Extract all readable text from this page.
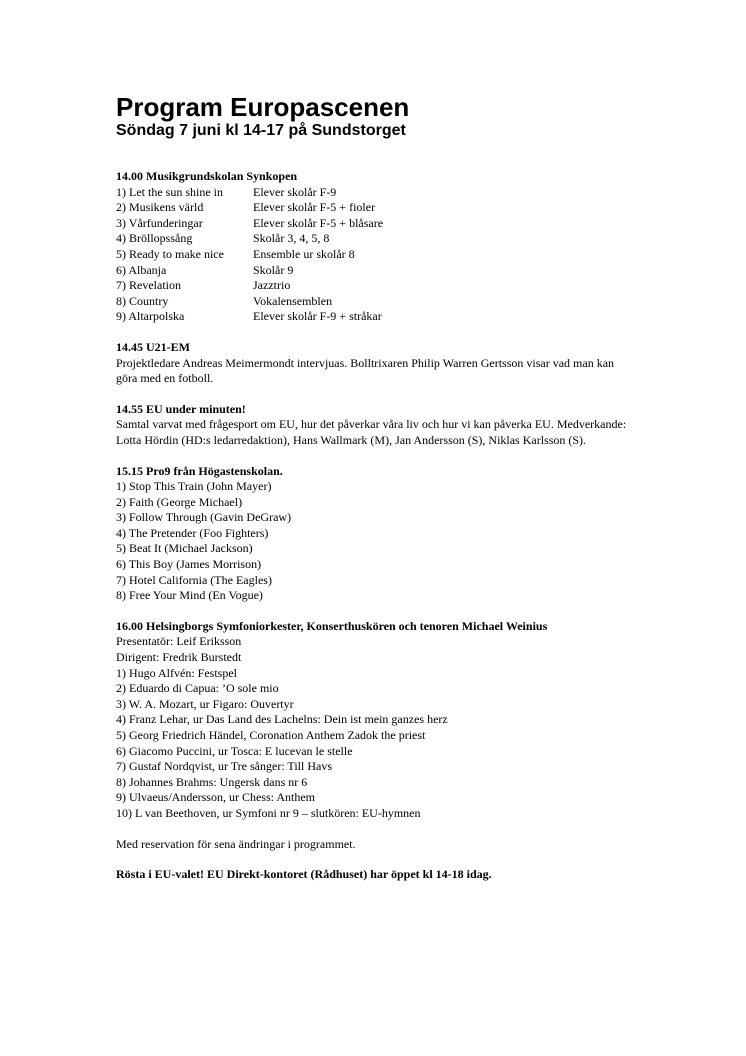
Program Europascenen
Söndag 7 juni kl 14-17 på Sundstorget
14.00 Musikgrundskolan Synkopen
1) Let the sun shine in	Elever skolår F-9
2) Musikens värld	Elever skolår F-5 + fioler
3) Vårfunderingar	Elever skolår F-5 + blåsare
4) Bröllopssång	Skolår 3, 4, 5, 8
5) Ready to make nice	Ensemble ur skolår 8
6) Albanja	Skolår 9
7) Revelation	Jazztrio
8) Country	Vokalensemblen
9) Altarpolska	Elever skolår F-9 + stråkar
14.45 U21-EM
Projektledare Andreas Meimermondt intervjuas. Bolltrixaren Philip Warren Gertsson visar vad man kan göra med en fotboll.
14.55 EU under minuten!
Samtal varvat med frågesport om EU, hur det påverkar våra liv och hur vi kan påverka EU. Medverkande: Lotta Hördin (HD:s ledarredaktion), Hans Wallmark (M), Jan Andersson (S), Niklas Karlsson (S).
15.15 Pro9 från Högastenskolan.
1) Stop This Train (John Mayer)
2) Faith (George Michael)
3) Follow Through (Gavin DeGraw)
4) The Pretender (Foo Fighters)
5) Beat It (Michael Jackson)
6) This Boy (James Morrison)
7) Hotel California (The Eagles)
8) Free Your Mind (En Vogue)
16.00 Helsingborgs Symfoniorkester, Konserthuskören och tenoren Michael Weinius
Presentatör: Leif Eriksson
Dirigent: Fredrik Burstedt
1) Hugo Alfvén: Festspel
2) Eduardo di Capua: ’O sole mio
3) W. A. Mozart, ur Figaro: Ouvertyr
4) Franz Lehar, ur Das Land des Lachelns: Dein ist mein ganzes herz
5) Georg Friedrich Händel, Coronation Anthem Zadok the priest
6) Giacomo Puccini, ur Tosca: E lucevan le stelle
7) Gustaf Nordqvist, ur Tre sånger: Till Havs
8) Johannes Brahms: Ungersk dans nr 6
9) Ulvaeus/Andersson, ur Chess: Anthem
10) L van Beethoven, ur Symfoni nr 9 – slutkören: EU-hymnen
Med reservation för sena ändringar i programmet.
Rösta i EU-valet! EU Direkt-kontoret (Rådhuset) har öppet kl 14-18 idag.
